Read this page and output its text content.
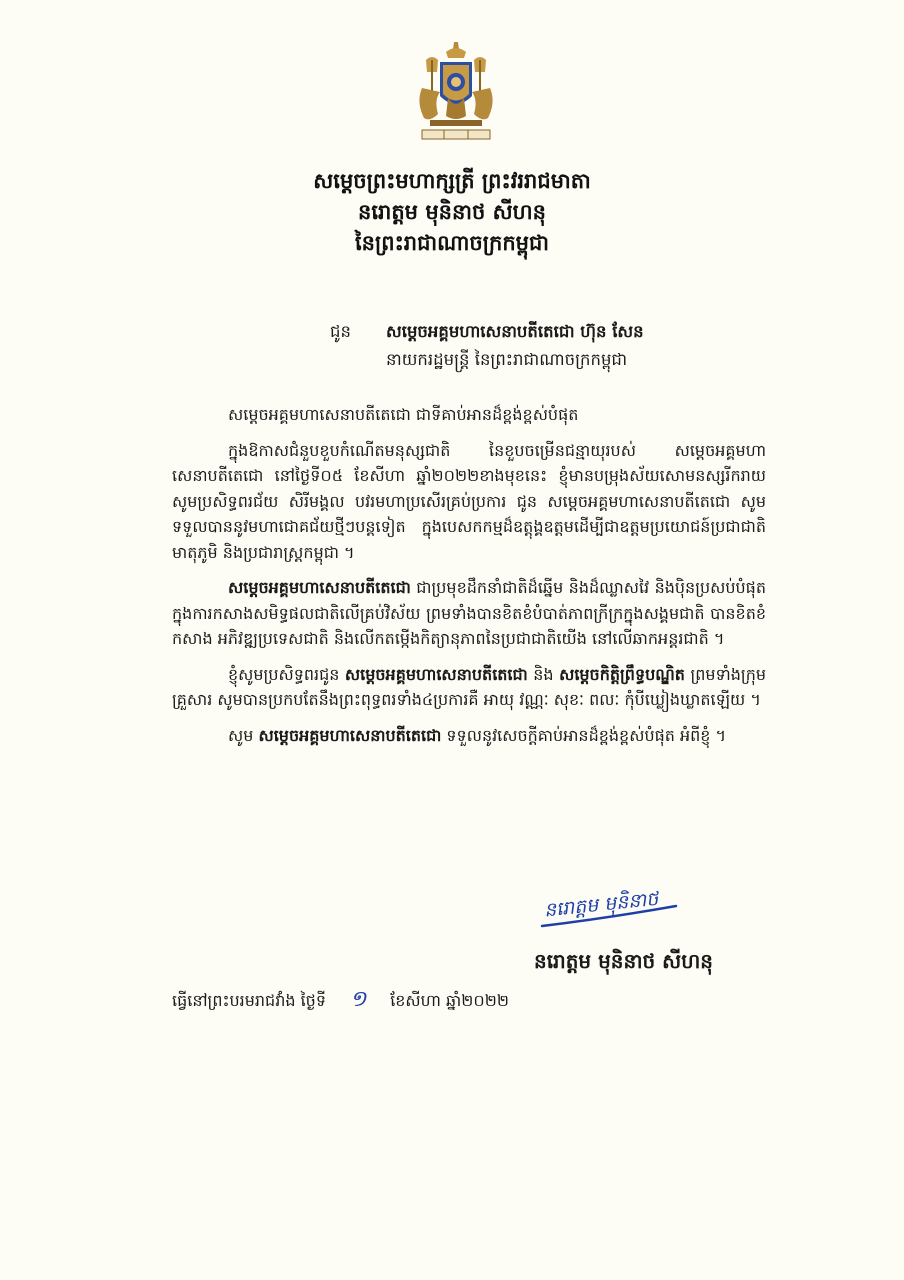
សម្តេចព្រះមហាក្សត្រី ព្រះវររាជមាតា
នរោត្តម មុនិនាថ សីហនុ
នៃព្រះរាជាណាចក្រកម្ពុជា
ជូន សម្តេចអគ្គមហាសេនាបតីតេជោ ហ៊ុន សែន
នាយករដ្ឋមន្ត្រី នៃព្រះរាជាណាចក្រកម្ពុជា
សម្តេចអគ្គមហាសេនាបតីតេជោ ជាទីគាប់អានដ៏ខ្ពង់ខ្ពស់បំផុត

ក្នុងឱកាសជំនួបខួបកំណើតមនុស្សជាតិ នៃខួបចម្រើនជន្មាយុរបស់ សម្តេចអគ្គមហាសេនាបតីតេជោ នៅថ្ងៃទី០៥ ខែសីហា ឆ្នាំ២០២២ខាងមុខនេះ ខ្ញុំមានបម្រុងស័យសោមនស្សរីករាយ សូមប្រសិទ្ធពរជ័យ សិរីមង្គល បវរមហាប្រសើរគ្រប់ប្រការ ជូន សម្តេចអគ្គមហាសេនាបតីតេជោ សូមទទួលបាននូវមហាជោគជ័យថ្មីៗបន្តទៀត ក្នុងបេសកកម្មដ៏ឧត្តុង្គឧត្តមដើម្បីជាឧត្តមប្រយោជន៍ប្រជាជាតិ មាតុភូមិ និងប្រជារាស្ត្រកម្ពុជា ។

សម្តេចអគ្គមហាសេនាបតីតេជោ ជាប្រមុខដឹកនាំជាតិដ៏ឆ្នើម និងដ៏ឈ្លាសវៃ និងប៉ិនប្រសប់បំផុត ក្នុងការកសាងសមិទ្ធផលជាតិលើគ្រប់វិស័យ ព្រមទាំងបានខិតខំបំបាត់ភាពក្រីក្រក្នុងសង្គមជាតិ បានខិតខំកសាង អភិវឌ្ឍប្រទេសជាតិ និងលើកតម្កើងកិត្យានុភាពនៃប្រជាជាតិយើង នៅលើឆាកអន្តរជាតិ ។

ខ្ញុំសូមប្រសិទ្ធពរជូន សម្តេចអគ្គមហាសេនាបតីតេជោ និង សម្តេចកិត្តិព្រឹទ្ធបណ្ឌិត ព្រមទាំងក្រុមគ្រួសារ សូមបានប្រកបតែនឹងព្រះពុទ្ធពរទាំង៤ប្រការគឺ អាយុ វណ្ណៈ សុខៈ ពលៈ កុំបីឃ្លៀងឃ្លាតឡើយ ។

សូម សម្តេចអគ្គមហាសេនាបតីតេជោ ទទួលនូវសេចក្តីគាប់អានដ៏ខ្ពង់ខ្ពស់បំផុត អំពីខ្ញុំ ។

នរោត្តម មុនិនាថ
នរោត្តម មុនិនាថ សីហនុ
ធ្វើនៅព្រះបរមរាជវាំង ថ្ងៃទី ១ ខែសីហា ឆ្នាំ២០២២
